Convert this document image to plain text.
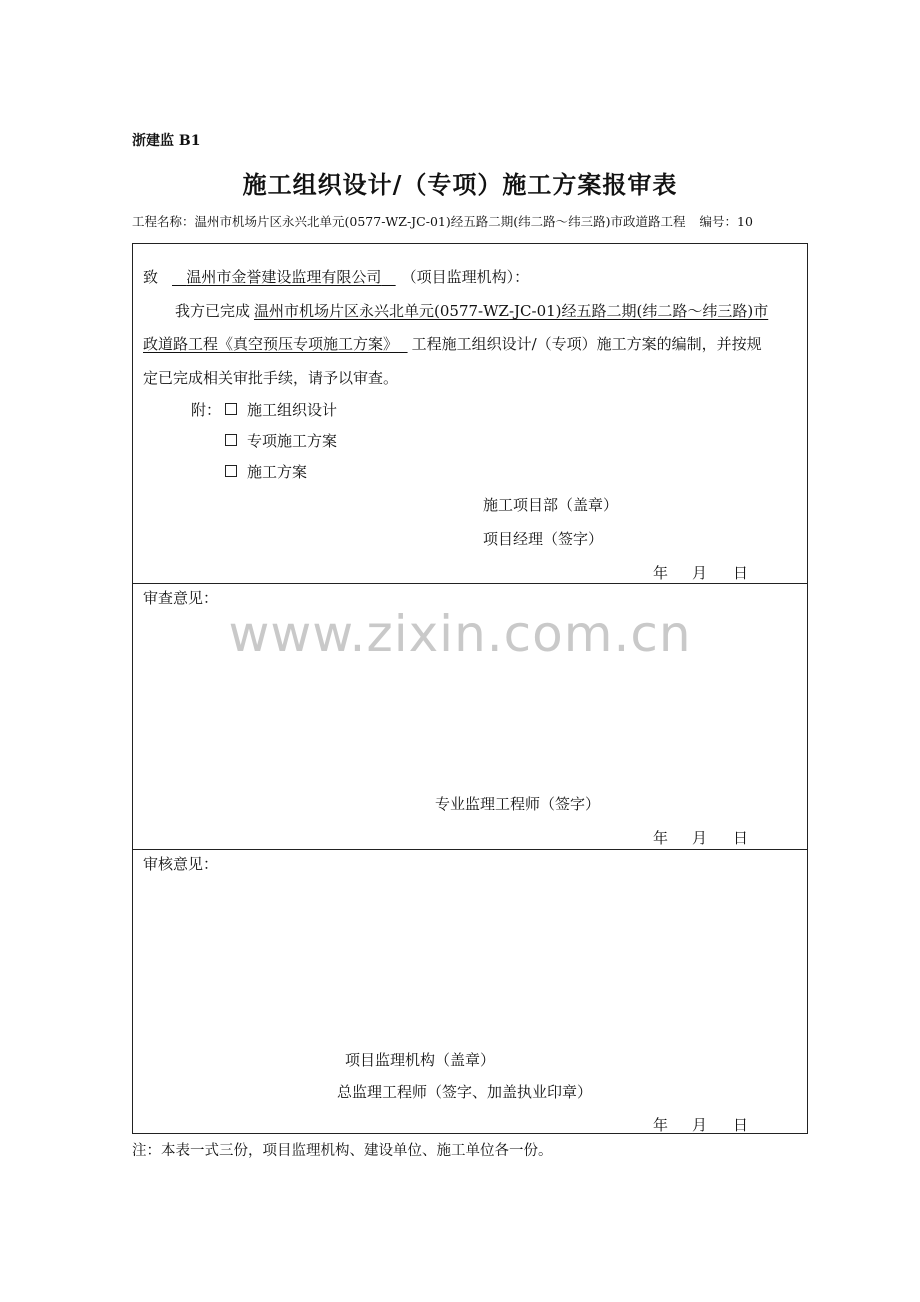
浙建监 B1
施工组织设计/（专项）施工方案报审表
工程名称：温州市机场片区永兴北单元(0577-WZ-JC-01)经五路二期(纬二路～纬三路)市政道路工程 编号：10
致 温州市金誉建设监理有限公司 （项目监理机构）：
我方已完成 温州市机场片区永兴北单元(0577-WZ-JC-01)经五路二期(纬二路～纬三路)市
政道路工程《真空预压专项施工方案》 工程施工组织设计/（专项）施工方案的编制，并按规
定已完成相关审批手续，请予以审查。
附： 施工组织设计
专项施工方案
施工方案
施工项目部（盖章）
项目经理（签字）
年 月 日
审查意见：
专业监理工程师（签字）
年 月 日
审核意见：
项目监理机构（盖章）
总监理工程师（签字、加盖执业印章）
年 月 日
www.zixin.com.cn
注：本表一式三份，项目监理机构、建设单位、施工单位各一份。
